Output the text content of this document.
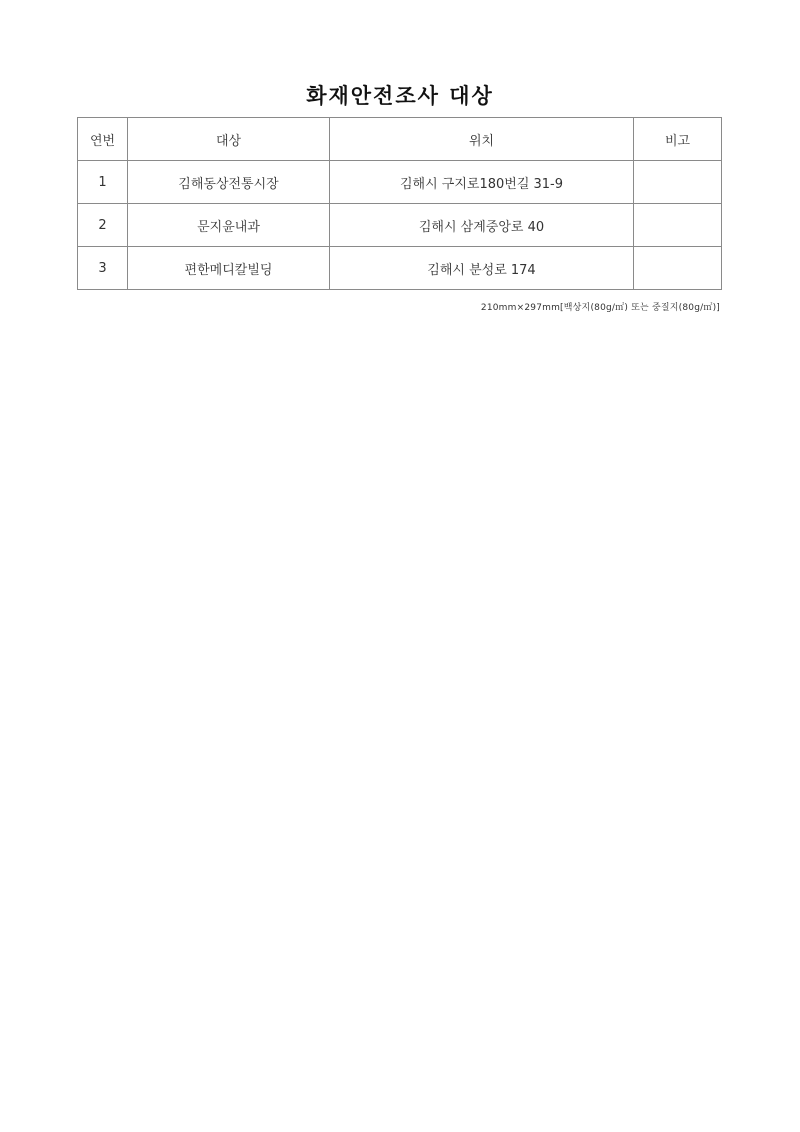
화재안전조사 대상
연번	대상	위치	비고
1	김해동상전통시장	김해시 구지로180번길 31-9	
2	문지윤내과	김해시 삼계중앙로 40	
3	편한메디칼빌딩	김해시 분성로 174	
210mm×297mm[백상지(80g/㎡) 또는 중질지(80g/㎡)]
